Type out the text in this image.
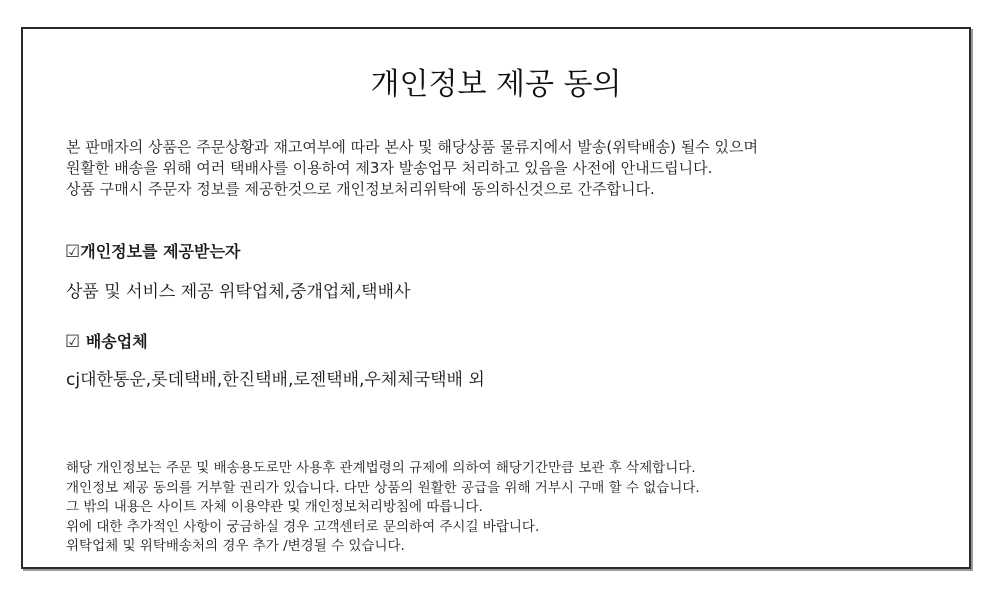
개인정보 제공 동의
본 판매자의 상품은 주문상황과 재고여부에 따라 본사 및 해당상품 물류지에서 발송(위탁배송) 될수 있으며
원활한 배송을 위해 여러 택배사를 이용하여 제3자 발송업무 처리하고 있음을 사전에 안내드립니다.
상품 구매시 주문자 정보를 제공한것으로 개인정보처리위탁에 동의하신것으로 간주합니다.
☑개인정보를 제공받는자
상품 및 서비스 제공 위탁업체,중개업체,택배사
☑ 배송업체
cj대한통운,롯데택배,한진택배,로젠택배,우체체국택배 외
해당 개인정보는 주문 및 배송용도로만 사용후 관계법령의 규제에 의하여 해당기간만큼 보관 후 삭제합니다.
개인정보 제공 동의를 거부할 권리가 있습니다. 다만 상품의 원활한 공급을 위해 거부시 구매 할 수 없습니다.
그 밖의 내용은 사이트 자체 이용약관 및 개인정보처리방침에 따릅니다.
위에 대한 추가적인 사항이 궁금하실 경우 고객센터로 문의하여 주시길 바랍니다.
위탁업체 및 위탁배송처의 경우 추가 /변경될 수 있습니다.
